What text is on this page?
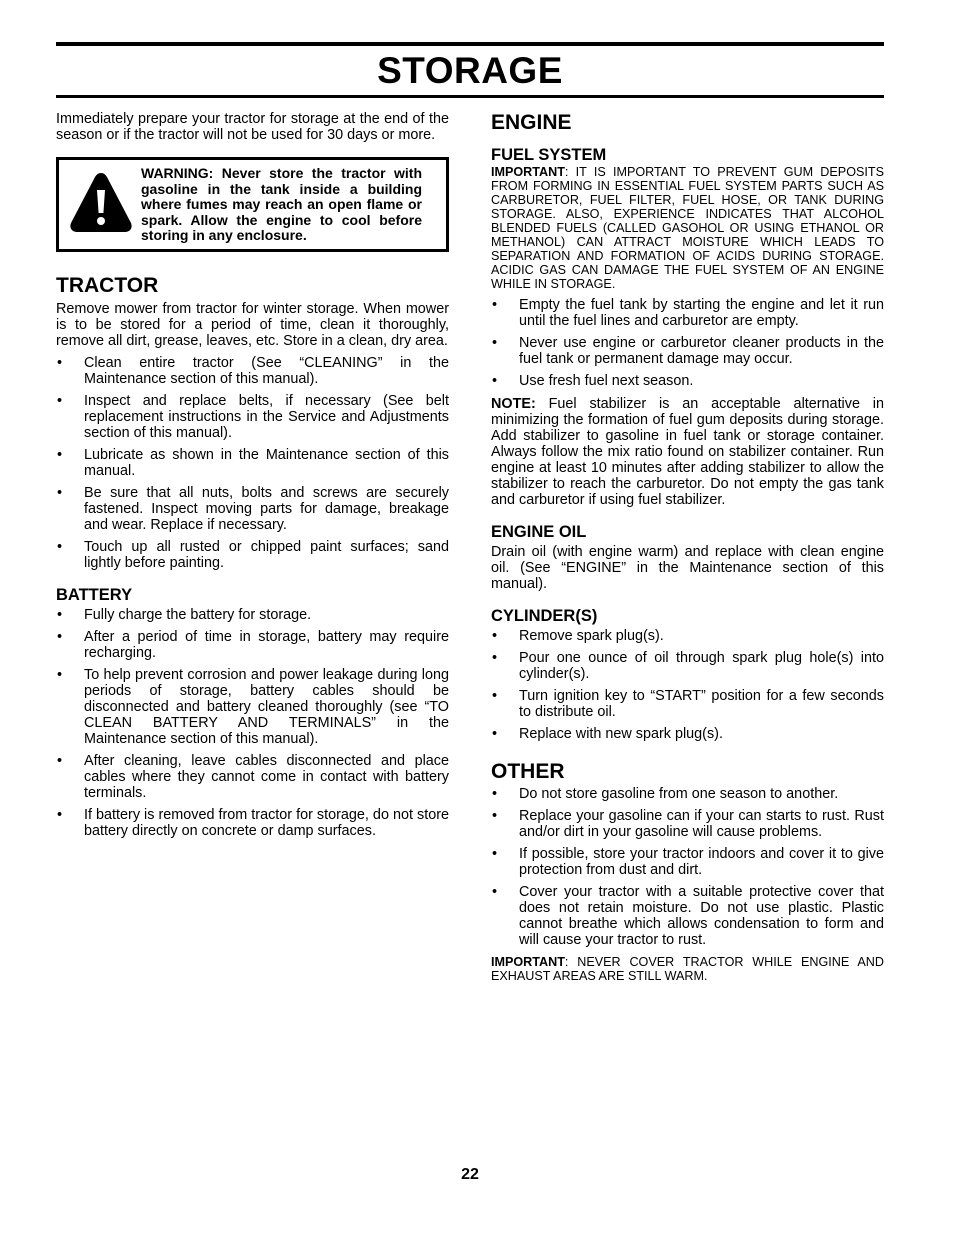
STORAGE

Immediately prepare your tractor for storage at the end of the season or if the tractor will not be used for 30 days or more.

WARNING: Never store the tractor with gasoline in the tank inside a building where fumes may reach an open flame or spark. Allow the engine to cool before storing in any enclosure.
TRACTOR

Remove mower from tractor for winter storage. When mower is to be stored for a period of time, clean it thoroughly, remove all dirt, grease, leaves, etc. Store in a clean, dry area.

• Clean entire tractor (See “CLEANING” in the Maintenance section of this manual).
• Inspect and replace belts, if necessary (See belt replacement instructions in the Service and Adjustments section of this manual).
• Lubricate as shown in the Maintenance section of this manual.
• Be sure that all nuts, bolts and screws are securely fastened. Inspect moving parts for damage, breakage and wear. Replace if necessary.
• Touch up all rusted or chipped paint surfaces; sand lightly before painting.
BATTERY
• Fully charge the battery for storage.
• After a period of time in storage, battery may require recharging.
• To help prevent corrosion and power leakage during long periods of storage, battery cables should be disconnected and battery cleaned thoroughly (see “TO CLEAN BATTERY AND TERMINALS” in the Maintenance section of this manual).
• After cleaning, leave cables disconnected and place cables where they cannot come in contact with battery terminals.
• If battery is removed from tractor for storage, do not store battery directly on concrete or damp surfaces.
ENGINE
FUEL SYSTEM

IMPORTANT: IT IS IMPORTANT TO PREVENT GUM DEPOSITS FROM FORMING IN ESSENTIAL FUEL SYSTEM PARTS SUCH AS CARBURETOR, FUEL FILTER, FUEL HOSE, OR TANK DURING STORAGE. ALSO, EXPERIENCE INDICATES THAT ALCOHOL BLENDED FUELS (CALLED GASOHOL OR USING ETHANOL OR METHANOL) CAN ATTRACT MOISTURE WHICH LEADS TO SEPARATION AND FORMATION OF ACIDS DURING STORAGE. ACIDIC GAS CAN DAMAGE THE FUEL SYSTEM OF AN ENGINE WHILE IN STORAGE.

• Empty the fuel tank by starting the engine and let it run until the fuel lines and carburetor are empty.
• Never use engine or carburetor cleaner products in the fuel tank or permanent damage may occur.
• Use fresh fuel next season.

NOTE: Fuel stabilizer is an acceptable alternative in minimizing the formation of fuel gum deposits during storage. Add stabilizer to gasoline in fuel tank or storage container. Always follow the mix ratio found on stabilizer container. Run engine at least 10 minutes after adding stabilizer to allow the stabilizer to reach the carburetor. Do not empty the gas tank and carburetor if using fuel stabilizer.

ENGINE OIL

Drain oil (with engine warm) and replace with clean engine oil. (See “ENGINE” in the Maintenance section of this manual).

CYLINDER(S)
• Remove spark plug(s).
• Pour one ounce of oil through spark plug hole(s) into cylinder(s).
• Turn ignition key to “START” position for a few seconds to distribute oil.
• Replace with new spark plug(s).
OTHER
• Do not store gasoline from one season to another.
• Replace your gasoline can if your can starts to rust. Rust and/or dirt in your gasoline will cause problems.
• If possible, store your tractor indoors and cover it to give protection from dust and dirt.
• Cover your tractor with a suitable protective cover that does not retain moisture. Do not use plastic. Plastic cannot breathe which allows condensation to form and will cause your tractor to rust.

IMPORTANT: NEVER COVER TRACTOR WHILE ENGINE AND EXHAUST AREAS ARE STILL WARM.

22
